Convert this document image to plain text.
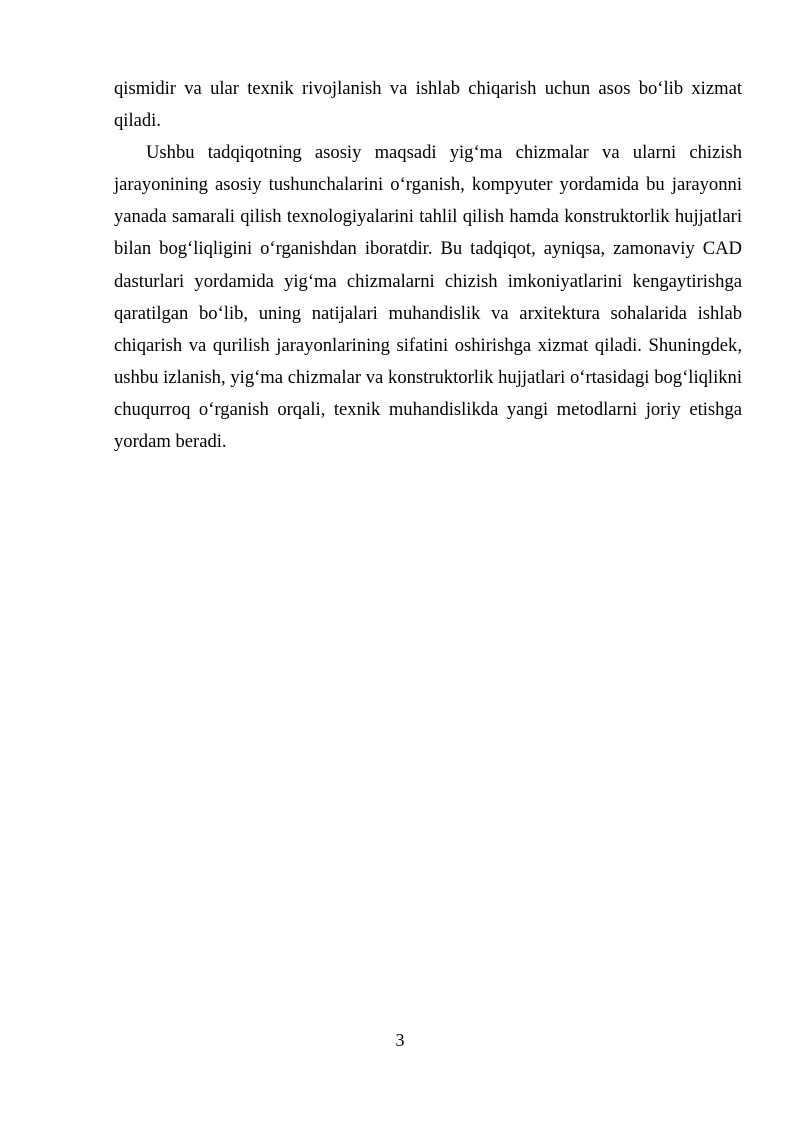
qismidir va ular texnik rivojlanish va ishlab chiqarish uchun asos bo‘lib xizmat qiladi.

Ushbu tadqiqotning asosiy maqsadi yig‘ma chizmalar va ularni chizish jarayonining asosiy tushunchalarini o‘rganish, kompyuter yordamida bu jarayonni yanada samarali qilish texnologiyalarini tahlil qilish hamda konstruktorlik hujjatlari bilan bog‘liqligini o‘rganishdan iboratdir. Bu tadqiqot, ayniqsa, zamonaviy CAD dasturlari yordamida yig‘ma chizmalarni chizish imkoniyatlarini kengaytirishga qaratilgan bo‘lib, uning natijalari muhandislik va arxitektura sohalarida ishlab chiqarish va qurilish jarayonlarining sifatini oshirishga xizmat qiladi. Shuningdek, ushbu izlanish, yig‘ma chizmalar va konstruktorlik hujjatlari o‘rtasidagi bog‘liqlikni chuqurroq o‘rganish orqali, texnik muhandislikda yangi metodlarni joriy etishga yordam beradi.

3
